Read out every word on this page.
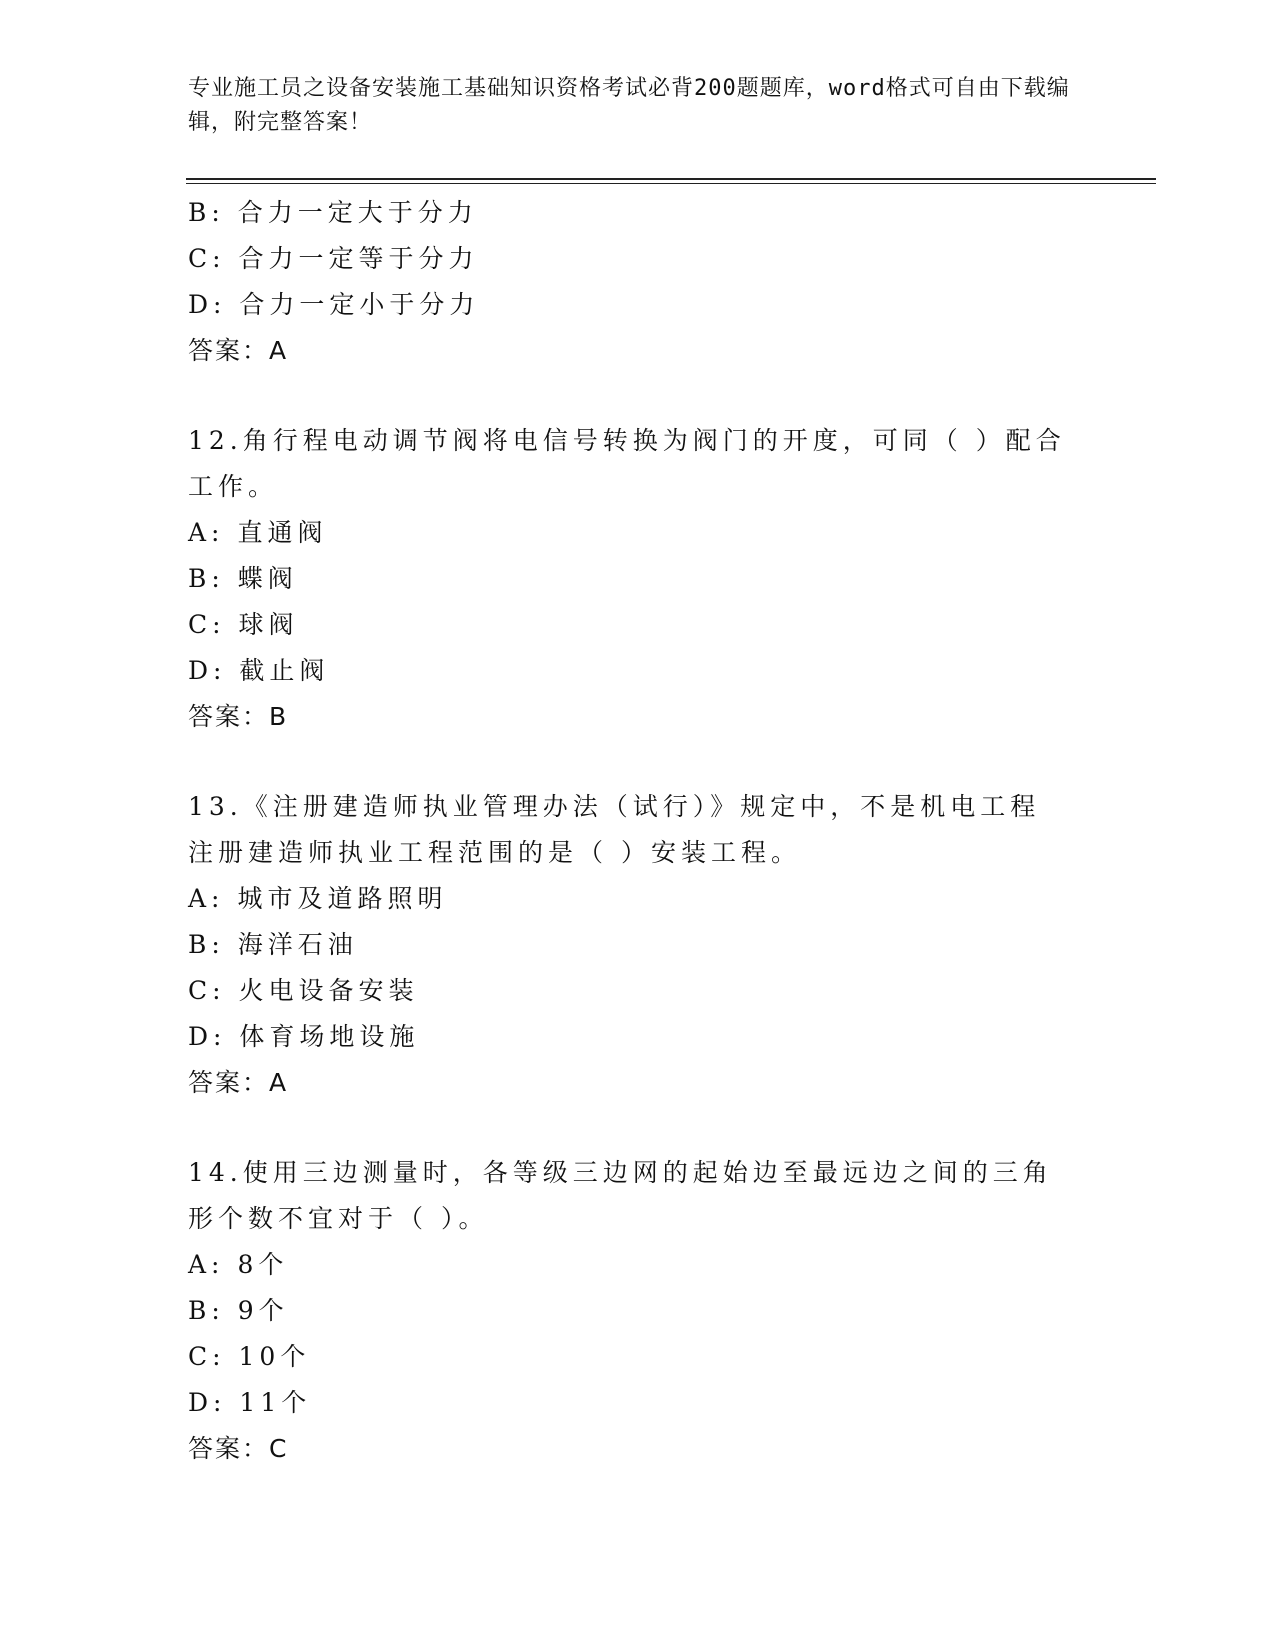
专业施工员之设备安装施工基础知识资格考试必背200题题库，word格式可自由下载编辑，附完整答案！
B: 合力一定大于分力
C: 合力一定等于分力
D: 合力一定小于分力
答案：A
12.角行程电动调节阀将电信号转换为阀门的开度，可同（ ）配合工作。
A: 直通阀
B: 蝶阀
C: 球阀
D: 截止阀
答案：B
13.《注册建造师执业管理办法（试行）》规定中，不是机电工程注册建造师执业工程范围的是（ ）安装工程。
A: 城市及道路照明
B: 海洋石油
C: 火电设备安装
D: 体育场地设施
答案：A
14.使用三边测量时，各等级三边网的起始边至最远边之间的三角形个数不宜对于（ ）。
A: 8个
B: 9个
C: 10个
D: 11个
答案：C
